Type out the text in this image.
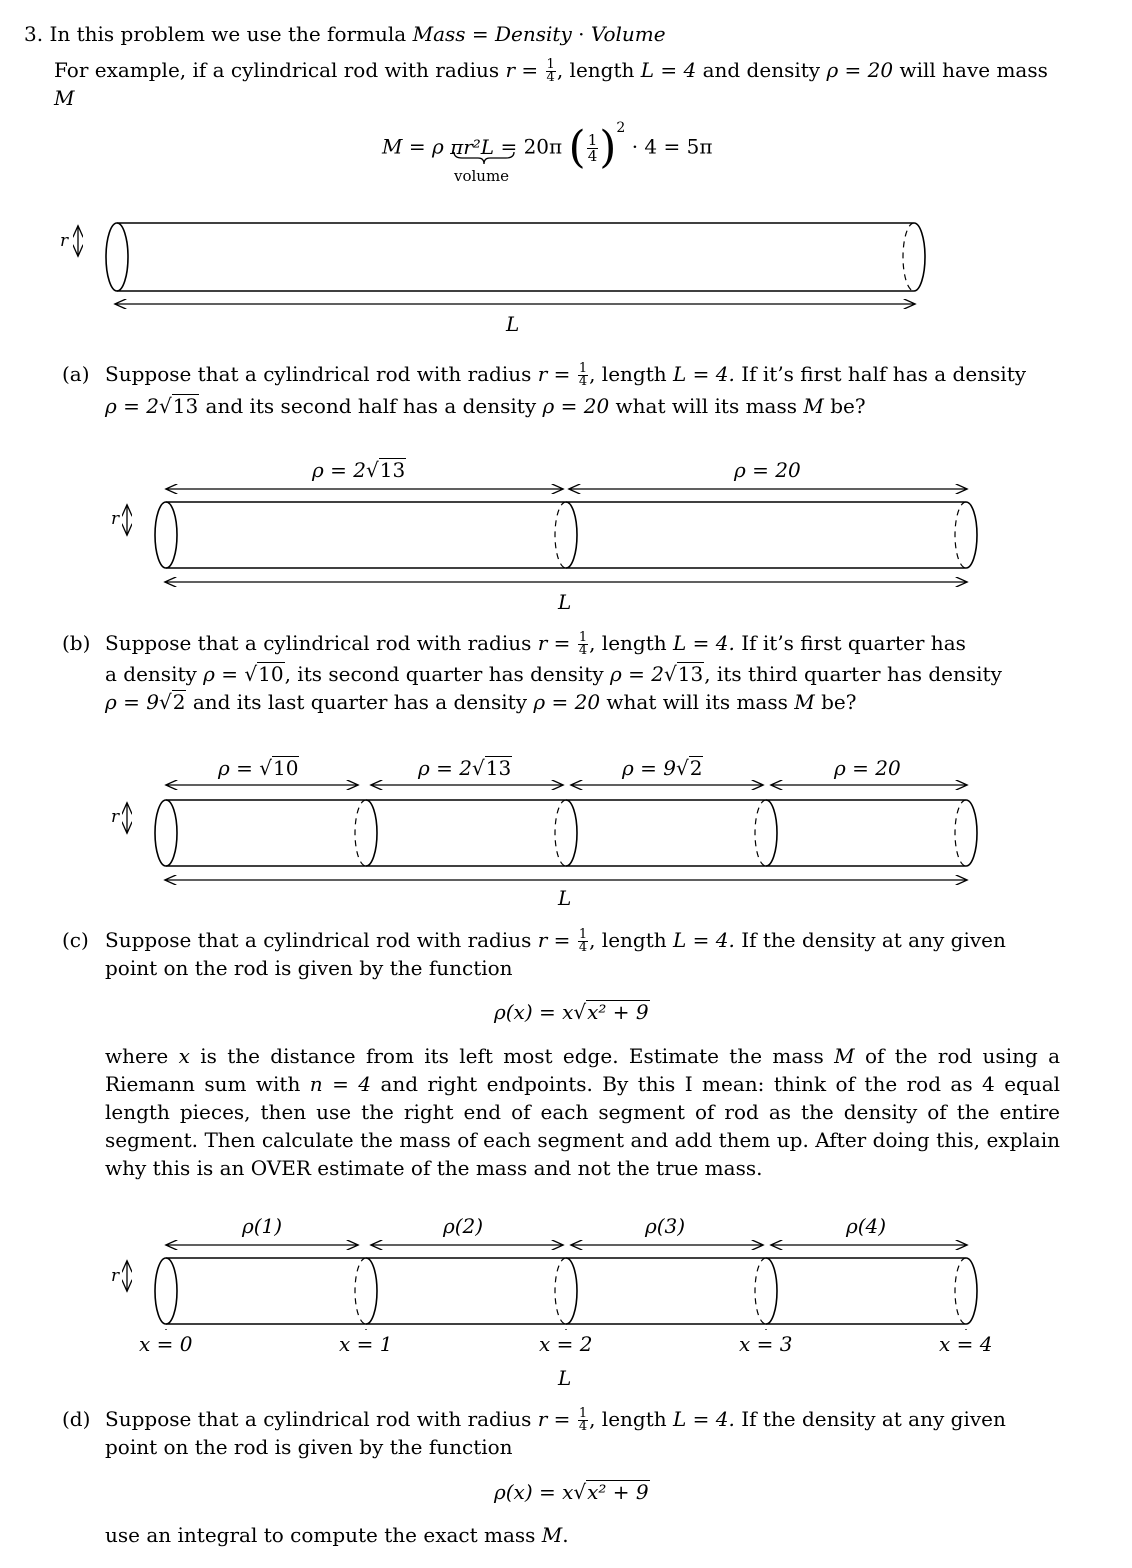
3. In this problem we use the formula Mass = Density · Volume
For example, if a cylindrical rod with radius $r = \frac{1}{4}$ , length L = 4 and density ρ = 20 will have mass
M
M = ρ πr²L = 20π ( $\frac{1}{4} )^2 \cdot 4 = 5\pi$
volume
r
L
(a) Suppose that a cylindrical rod with radius $r = \frac{1}{4}$ , length L = 4. If it’s first half has a density
ρ = 2√13 and its second half has a density ρ = 20 what will its mass M be?
ρ = 2√13	ρ = 20
r
L
(b) Suppose that a cylindrical rod with radius $r = \frac{1}{4}$ , length L = 4. If it’s first quarter has
a density ρ = √10, its second quarter has density ρ = 2√13, its third quarter has density
ρ = 9√2 and its last quarter has a density ρ = 20 what will its mass M be?
ρ = √10	ρ = 2√13	ρ = 9√2	ρ = 20
r
L
(c) Suppose that a cylindrical rod with radius $r = \frac{1}{4}$ , length L = 4. If the density at any given
point on the rod is given by the function
ρ(x) = x√x² + 9
where x is the distance from its left most edge. Estimate the mass M of the rod using a Riemann sum with n = 4 and right endpoints. By this I mean: think of the rod as 4 equal length pieces, then use the right end of each segment of rod as the density of the entire segment. Then calculate the mass of each segment and add them up. After doing this, explain why this is an OVER estimate of the mass and not the true mass.
ρ(1)	ρ(2)	ρ(3)	ρ(4)
r
x = 0	x = 1	x = 2	x = 3	x = 4
L
(d) Suppose that a cylindrical rod with radius $r = \frac{1}{4}$ , length L = 4. If the density at any given
point on the rod is given by the function
ρ(x) = x√x² + 9
use an integral to compute the exact mass M.
